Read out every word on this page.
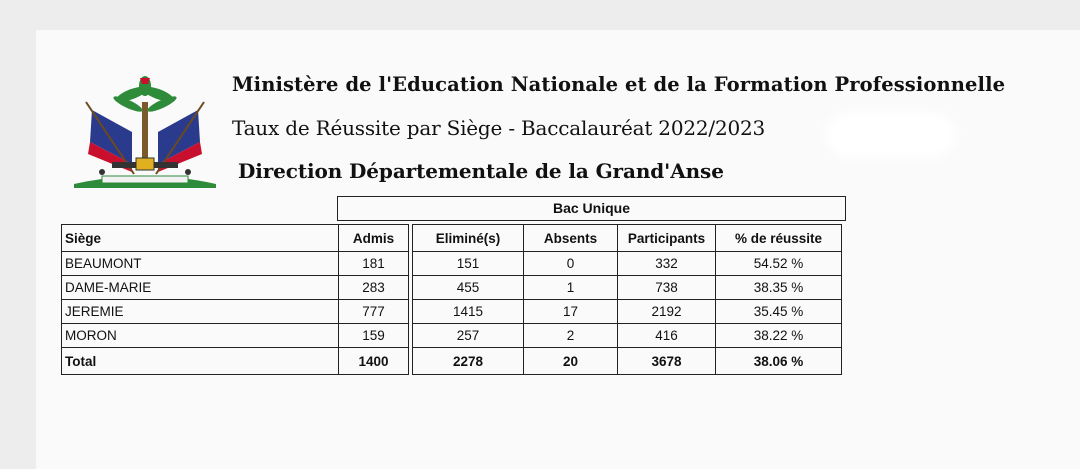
Ministère de l'Education Nationale et de la Formation Professionnelle
Taux de Réussite par Siège - Baccalauréat 2022/2023
Direction Départementale de la Grand'Anse
Bac Unique
Siège	Admis		Eliminé(s)	Absents	Participants	% de réussite
BEAUMONT	181		151	0	332	54.52 %
DAME-MARIE	283		455	1	738	38.35 %
JEREMIE	777		1415	17	2192	35.45 %
MORON	159		257	2	416	38.22 %
Total	1400		2278	20	3678	38.06 %
